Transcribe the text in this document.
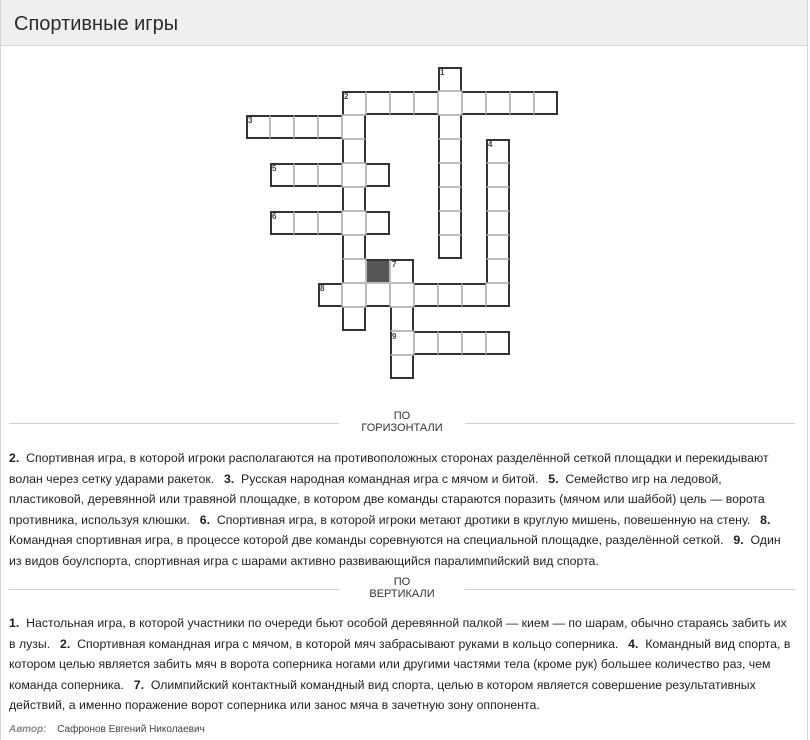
Спортивные игры
1
2
3
4
5
6
7
8
9
ПО
ГОРИЗОНТАЛИ
2.  Спортивная игра, в которой игроки располагаются на противоположных сторонах разделённой сеткой площадки и перекидывают волан через сетку ударами ракеток.  3.  Русская народная командная игра с мячом и битой.  5.  Семейство игр на ледовой, пластиковой, деревянной или травяной площадке, в котором две команды стараются поразить (мячом или шайбой) цель — ворота противника, используя клюшки.  6.  Спортивная игра, в которой игроки метают дротики в круглую мишень, повешенную на стену.  8.  Командная спортивная игра, в процессе которой две команды соревнуются на специальной площадке, разделённой сеткой.  9.  Один из видов боулспорта, спортивная игра с шарами активно развивающийся паралимпийский вид спорта.
ПО
ВЕРТИКАЛИ
1.  Настольная игра, в которой участники по очереди бьют особой деревянной палкой — кием — по шарам, обычно стараясь забить их в лузы.  2.  Спортивная командная игра с мячом, в которой мяч забрасывают руками в кольцо соперника.  4.  Командный вид спорта, в котором целью является забить мяч в ворота соперника ногами или другими частями тела (кроме рук) большее количество раз, чем команда соперника.  7.  Олимпийский контактный командный вид спорта, целью в котором является совершение результативных действий, а именно поражение ворот соперника или занос мяча в зачетную зону оппонента.
Автор: Сафронов Евгений Николаевич
